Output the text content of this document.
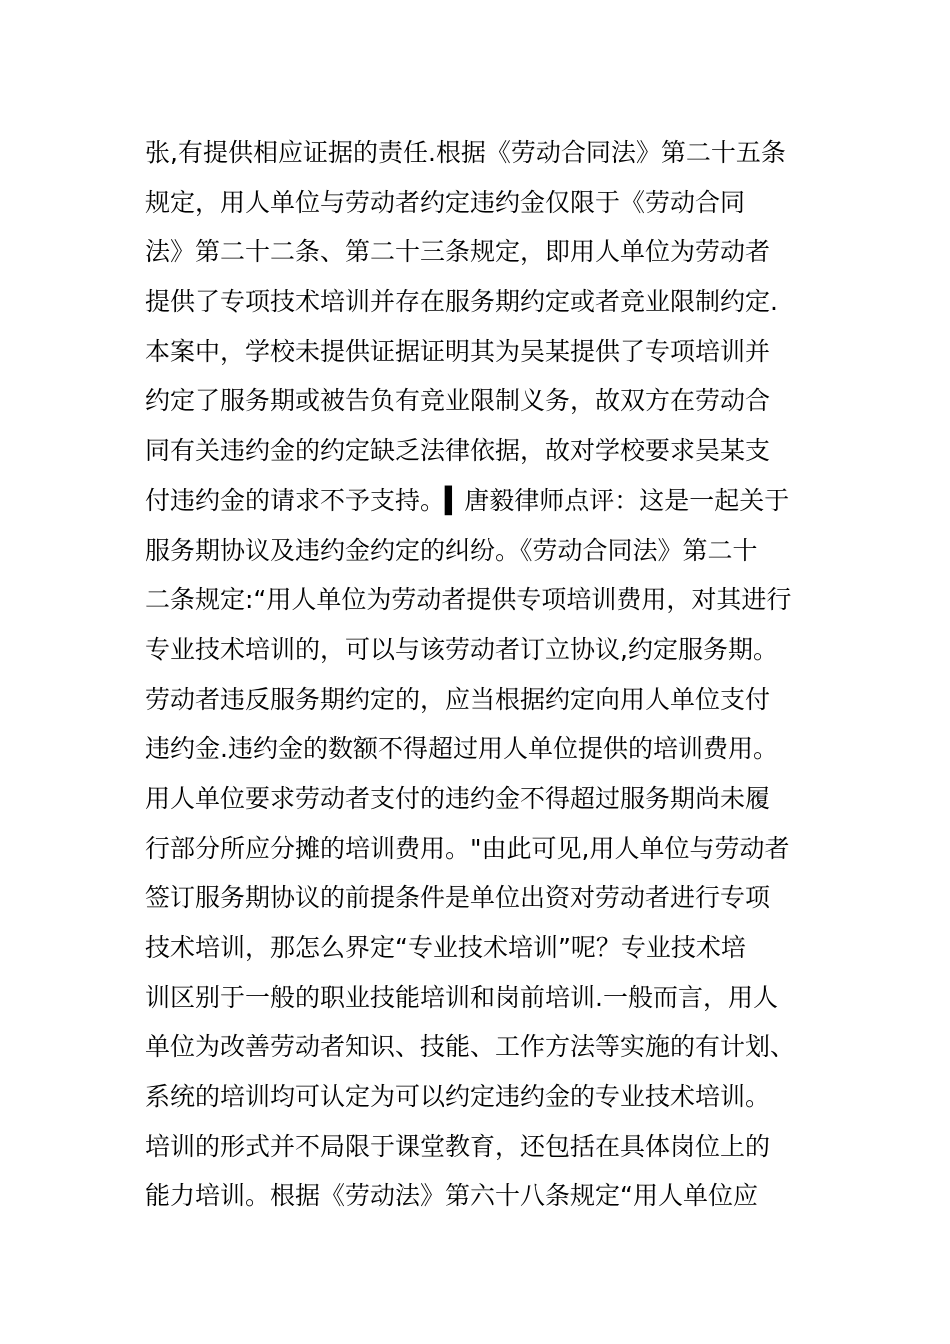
张,有提供相应证据的责任.根据《劳动合同法》第二十五条
规定，用人单位与劳动者约定违约金仅限于《劳动合同
法》第二十二条、第二十三条规定，即用人单位为劳动者
提供了专项技术培训并存在服务期约定或者竞业限制约定.
本案中，学校未提供证据证明其为吴某提供了专项培训并
约定了服务期或被告负有竞业限制义务，故双方在劳动合
同有关违约金的约定缺乏法律依据，故对学校要求吴某支
付违约金的请求不予支持。▍唐毅律师点评：这是一起关于
服务期协议及违约金约定的纠纷。《劳动合同法》第二十
二条规定:“用人单位为劳动者提供专项培训费用，对其进行
专业技术培训的，可以与该劳动者订立协议,约定服务期。
劳动者违反服务期约定的，应当根据约定向用人单位支付
违约金.违约金的数额不得超过用人单位提供的培训费用。
用人单位要求劳动者支付的违约金不得超过服务期尚未履
行部分所应分摊的培训费用。"由此可见,用人单位与劳动者
签订服务期协议的前提条件是单位出资对劳动者进行专项
技术培训，那怎么界定“专业技术培训”呢？专业技术培
训区别于一般的职业技能培训和岗前培训.一般而言，用人
单位为改善劳动者知识、技能、工作方法等实施的有计划、
系统的培训均可认定为可以约定违约金的专业技术培训。
培训的形式并不局限于课堂教育，还包括在具体岗位上的
能力培训。根据《劳动法》第六十八条规定“用人单位应
